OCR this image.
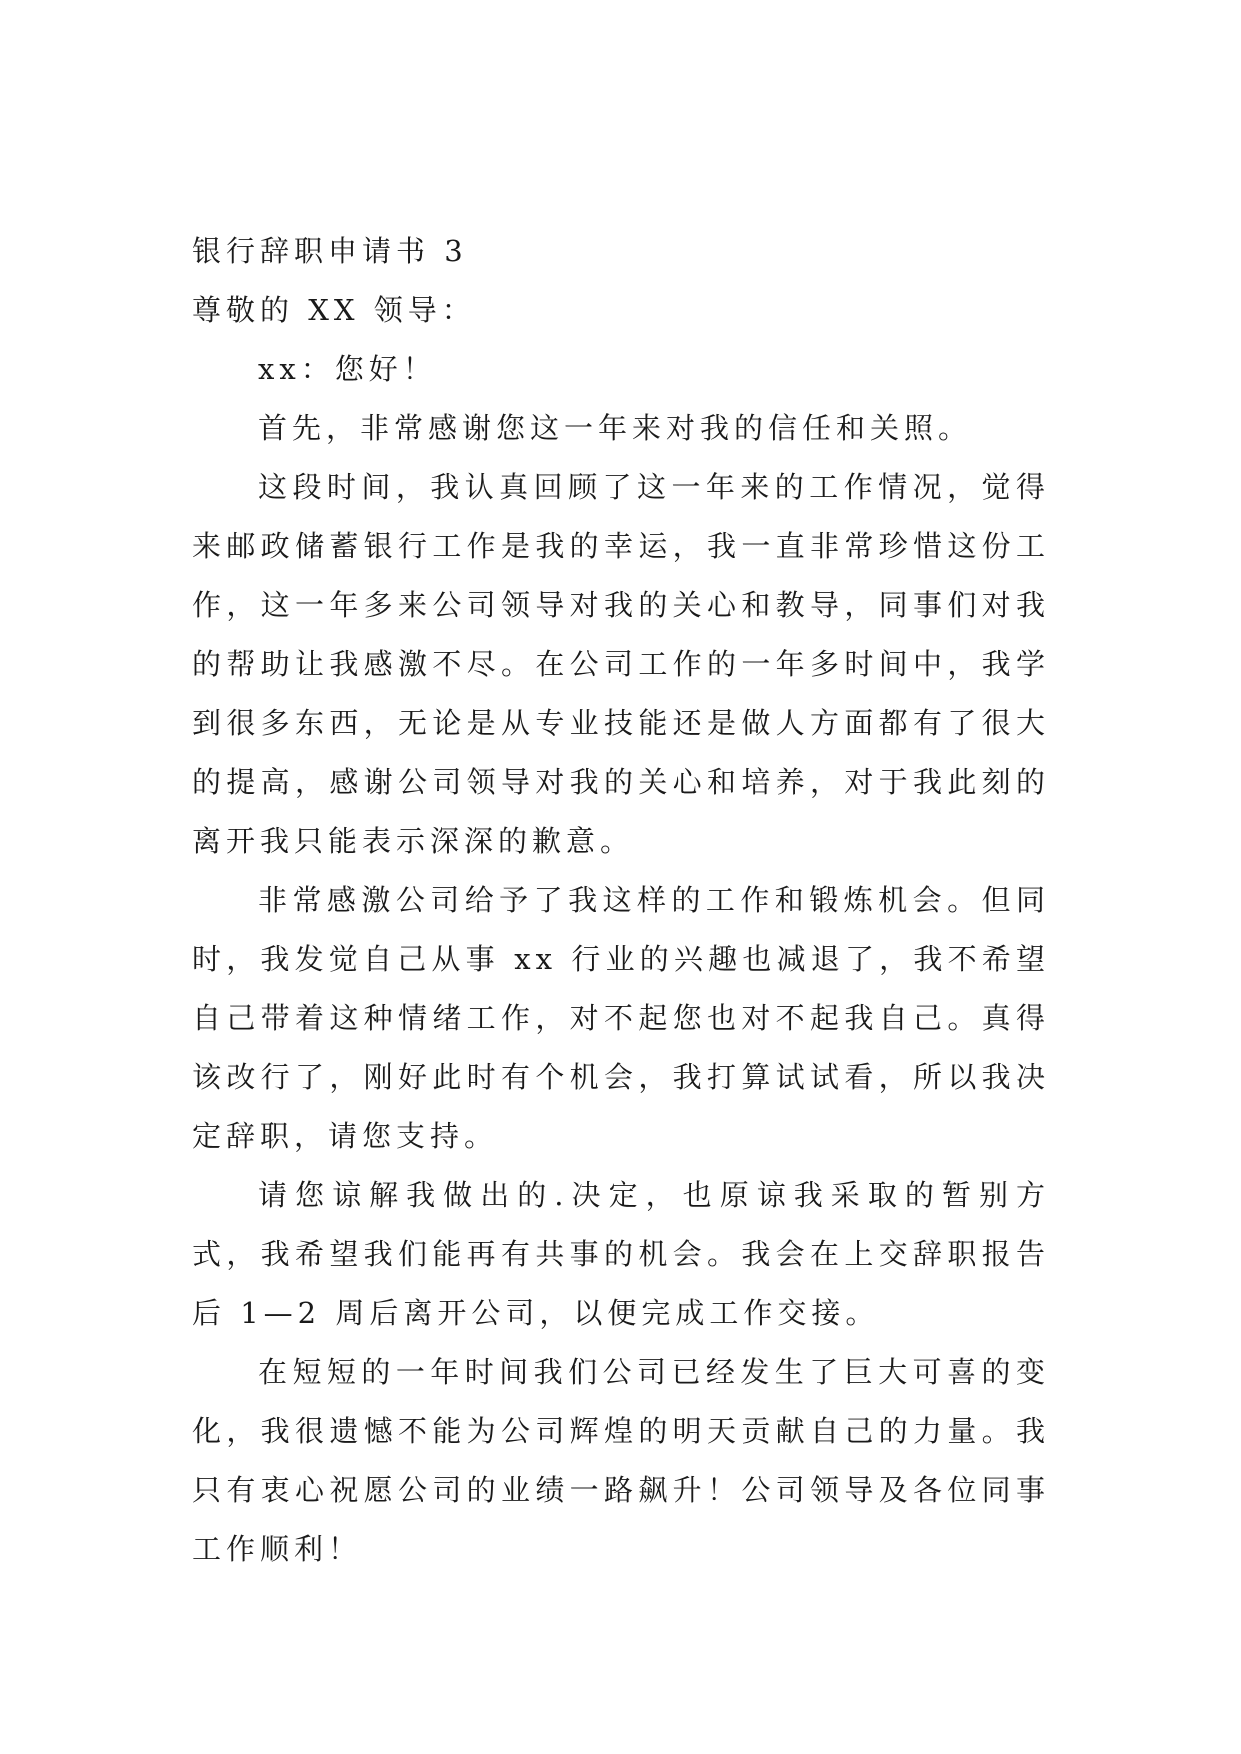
银行辞职申请书 3

尊敬的 XX 领导：

xx：您好！

首先，非常感谢您这一年来对我的信任和关照。

这段时间，我认真回顾了这一年来的工作情况，觉得来邮政储蓄银行工作是我的幸运，我一直非常珍惜这份工作，这一年多来公司领导对我的关心和教导，同事们对我的帮助让我感激不尽。在公司工作的一年多时间中，我学到很多东西，无论是从专业技能还是做人方面都有了很大的提高，感谢公司领导对我的关心和培养，对于我此刻的离开我只能表示深深的歉意。

非常感激公司给予了我这样的工作和锻炼机会。但同时，我发觉自己从事 xx 行业的兴趣也减退了，我不希望自己带着这种情绪工作，对不起您也对不起我自己。真得该改行了，刚好此时有个机会，我打算试试看，所以我决定辞职，请您支持。

请您谅解我做出的.决定，也原谅我采取的暂别方式，我希望我们能再有共事的机会。我会在上交辞职报告后 1—2 周后离开公司，以便完成工作交接。

在短短的一年时间我们公司已经发生了巨大可喜的变化，我很遗憾不能为公司辉煌的明天贡献自己的力量。我只有衷心祝愿公司的业绩一路飙升！公司领导及各位同事工作顺利！
